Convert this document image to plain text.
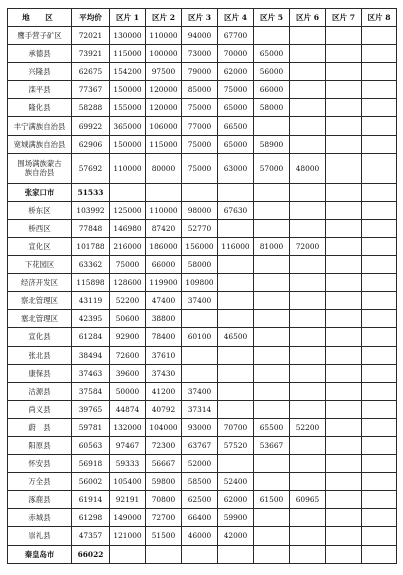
地　区	平均价	区片 1	区片 2	区片 3	区片 4	区片 5	区片 6	区片 7	区片 8
鹰手营子矿区	72021	130000	110000	94000	67700				
承德县	73921	115000	100000	73000	70000	65000			
兴隆县	62675	154200	97500	79000	62000	56000			
滦平县	77367	150000	120000	85000	75000	66000			
隆化县	58288	155000	120000	75000	65000	58000			
丰宁满族自治县	69922	365000	106000	77000	66500				
宽城满族自治县	62906	150000	115000	75000	65000	58900			
围场满族蒙古族自治县	57692	110000	80000	75000	63000	57000	48000		
张家口市	51533								
桥东区	103992	125000	110000	98000	67630				
桥西区	77848	146980	87420	52770					
宣化区	101788	216000	186000	156000	116000	81000	72000		
下花园区	63362	75000	66000	58000					
经济开发区	115898	128600	119900	109800					
察北管理区	43119	52200	47400	37400					
塞北管理区	42395	50600	38800						
宣化县	61284	92900	78400	60100	46500				
张北县	38494	72600	37610						
康保县	37463	39600	37430						
沽源县	37584	50000	41200	37400					
尚义县	39765	44874	40792	37314					
蔚　县	59781	132000	104000	93000	70700	65500	52200		
阳原县	60563	97467	72300	63767	57520	53667			
怀安县	56918	59333	56667	52000					
万全县	56002	105400	59800	58500	52400				
涿鹿县	61914	92191	70800	62500	62000	61500	60965		
赤城县	61298	149000	72700	66400	59900				
崇礼县	47357	121000	51500	46000	42000				
秦皇岛市	66022								
